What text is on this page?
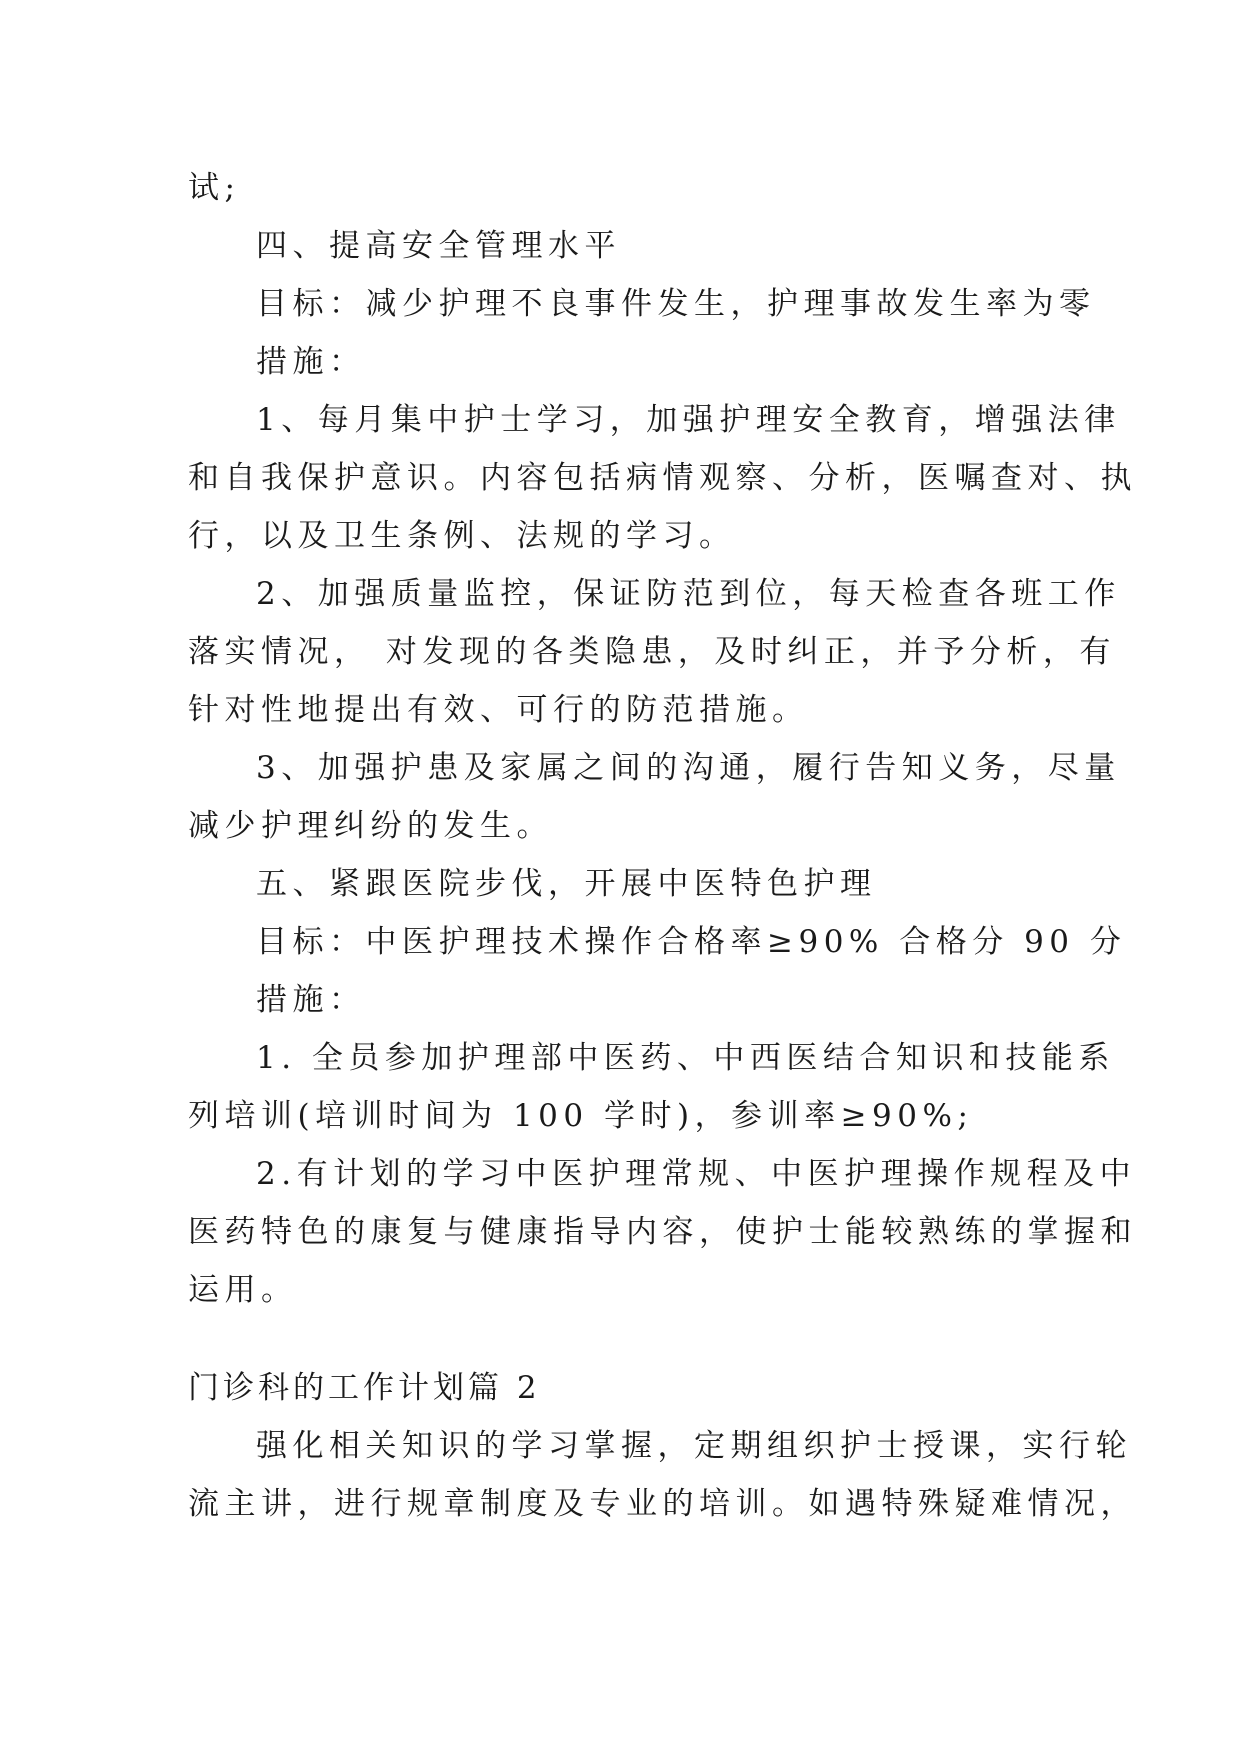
试;
四、提高安全管理水平
目标：减少护理不良事件发生，护理事故发生率为零
措施：
1、每月集中护士学习，加强护理安全教育，增强法律
和自我保护意识。内容包括病情观察、分析，医嘱查对、执
行，以及卫生条例、法规的学习。
2、加强质量监控，保证防范到位，每天检查各班工作
落实情况， 对发现的各类隐患，及时纠正，并予分析，有
针对性地提出有效、可行的防范措施。
3、加强护患及家属之间的沟通，履行告知义务，尽量
减少护理纠纷的发生。
五、紧跟医院步伐，开展中医特色护理
目标：中医护理技术操作合格率≥90% 合格分 90 分
措施：
1. 全员参加护理部中医药、中西医结合知识和技能系
列培训(培训时间为 100 学时)，参训率≥90%;
2.有计划的学习中医护理常规、中医护理操作规程及中
医药特色的康复与健康指导内容，使护士能较熟练的掌握和
运用。
门诊科的工作计划篇 2
强化相关知识的学习掌握，定期组织护士授课，实行轮
流主讲，进行规章制度及专业的培训。如遇特殊疑难情况，
